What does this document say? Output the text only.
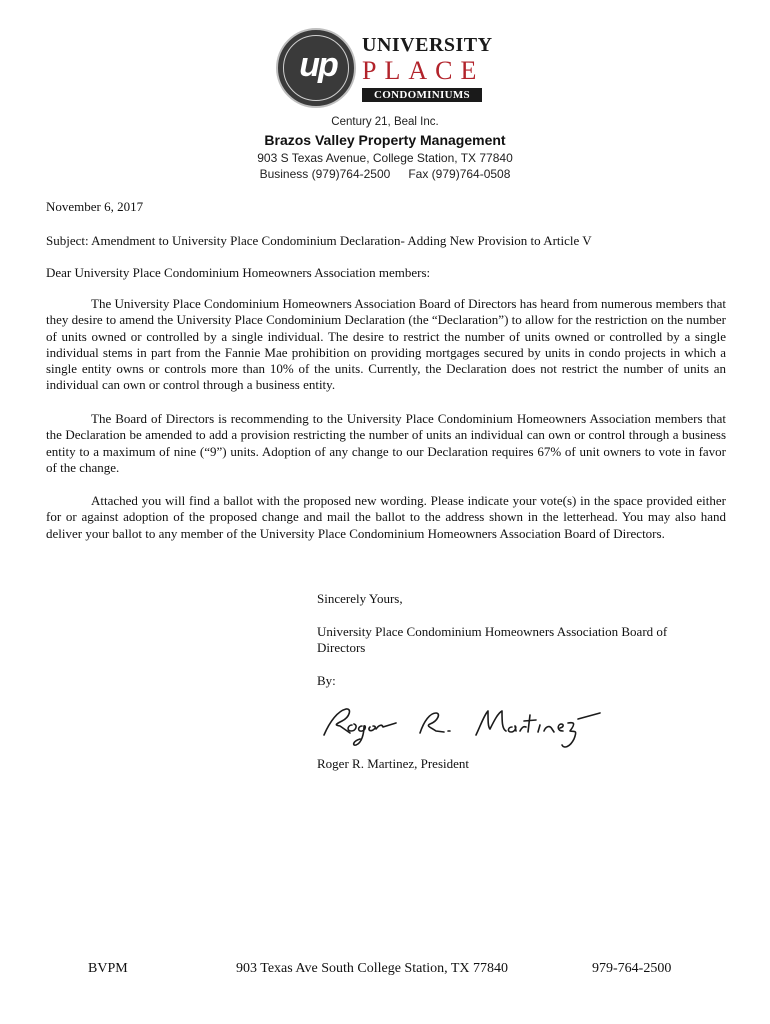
up
UNIVERSITY
PLACE
CONDOMINIUMS
Century 21, Beal Inc.
Brazos Valley Property Management
903 S Texas Avenue, College Station, TX 77840
Business (979)764-2500 Fax (979)764-0508
November 6, 2017
Subject: Amendment to University Place Condominium Declaration- Adding New Provision to Article V
Dear University Place Condominium Homeowners Association members:
The University Place Condominium Homeowners Association Board of Directors has heard from numerous members that they desire to amend the University Place Condominium Declaration (the “Declaration”) to allow for the restriction on the number of units owned or controlled by a single individual. The desire to restrict the number of units owned or controlled by a single individual stems in part from the Fannie Mae prohibition on providing mortgages secured by units in condo projects in which a single entity owns or controls more than 10% of the units. Currently, the Declaration does not restrict the number of units an individual can own or control through a business entity.
The Board of Directors is recommending to the University Place Condominium Homeowners Association members that the Declaration be amended to add a provision restricting the number of units an individual can own or control through a business entity to a maximum of nine (“9”) units. Adoption of any change to our Declaration requires 67% of unit owners to vote in favor of the change.
Attached you will find a ballot with the proposed new wording. Please indicate your vote(s) in the space provided either for or against adoption of the proposed change and mail the ballot to the address shown in the letterhead. You may also hand deliver your ballot to any member of the University Place Condominium Homeowners Association Board of Directors.
Sincerely Yours,
University Place Condominium Homeowners Association Board of Directors
By:
Roger R. Martinez, President
BVPM	903 Texas Ave South College Station, TX 77840	979-764-2500
